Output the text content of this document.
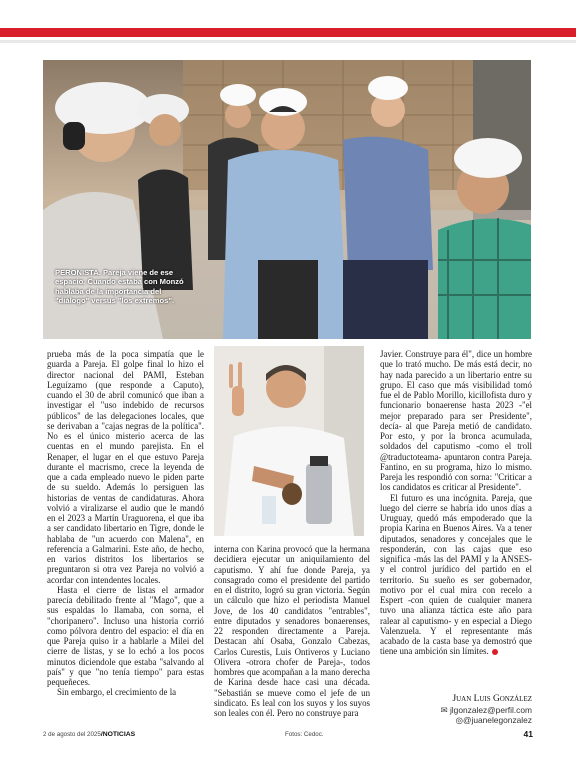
PERONISTA. Pareja viene de ese espacio. Cuando estaba con Monzó hablaba de la importancia del "diálogo" versus "los extremos".

prueba más de la poca simpatía que le guarda a Pareja. El golpe final lo hizo el director nacional del PAMI, Esteban Leguízamo (que responde a Caputo), cuando el 30 de abril comunicó que iban a investigar el "uso indebido de recursos públicos" de las delegaciones locales, que se derivaban a "cajas negras de la política". No es el único misterio acerca de las cuentas en el mundo parejista. En el Renaper, el lugar en el que estuvo Pareja durante el macrismo, crece la leyenda de que a cada empleado nuevo le piden parte de su sueldo. Además lo persiguen las historias de ventas de candidaturas. Ahora volvió a viralizarse el audio que le mandó en el 2023 a Martín Uraguorena, el que iba a ser candidato libertario en Tigre, donde le hablaba de "un acuerdo con Malena", en referencia a Galmarini. Este año, de hecho, en varios distritos los libertarios se preguntaron si otra vez Pareja no volvió a acordar con intendentes locales.

Hasta el cierre de listas el armador parecía debilitado frente al "Mago", que a sus espaldas lo llamaba, con sorna, el "choripanero". Incluso una historia corrió como pólvora dentro del espacio: el día en que Pareja quiso ir a hablarle a Milei del cierre de listas, y se lo echó a los pocos minutos diciendole que estaba "salvando al país" y que "no tenía tiempo" para estas pequeñeces.

Sin embargo, el crecimiento de la

interna con Karina provocó que la hermana decidiera ejecutar un aniquilamiento del caputismo. Y ahí fue donde Pareja, ya consagrado como el presidente del partido en el distrito, logró su gran victoria. Según un cálculo que hizo el periodista Manuel Jove, de los 40 candidatos "entrables", entre diputados y senadores bonaerenses, 22 responden directamente a Pareja. Destacan ahí Osaba, Gonzalo Cabezas, Carlos Curestis, Luis Ontiveros y Luciano Olivera -otrora chofer de Pareja-, todos hombres que acompañan a la mano derecha de Karina desde hace casi una década. "Sebastián se mueve como el jefe de un sindicato. Es leal con los suyos y los suyos son leales con él. Pero no construye para

Javier. Construye para él", dice un hombre que lo trató mucho. De más está decir, no hay nada parecido a un libertario entre su grupo. El caso que más visibilidad tomó fue el de Pablo Morillo, kicillofista duro y funcionario bonaerense hasta 2023 -"el mejor preparado para ser Presidente", decía- al que Pareja metió de candidato. Por esto, y por la bronca acumulada, soldados del caputismo -como el troll @traductoteama- apuntaron contra Pareja. Fantino, en su programa, hizo lo mismo. Pareja les respondió con sorna: "Criticar a los candidatos es criticar al Presidente".

El futuro es una incógnita. Pareja, que luego del cierre se habría ido unos días a Uruguay, quedó más empoderado que la propia Karina en Buenos Aires. Va a tener diputados, senadores y concejales que le responderán, con las cajas que eso significa -más las del PAMI y la ANSES- y el control jurídico del partido en el territorio. Su sueño es ser gobernador, motivo por el cual mira con recelo a Espert -con quien de cualquier manera tuvo una alianza táctica este año para ralear al caputismo- y en especial a Diego Valenzuela. Y el representante más acabado de la casta base ya demostró que tiene una ambición sin límites.

Juan Luis González
✉ jlgonzalez@perfil.com
◎@juanelegonzalez
2 de agosto del 2025/NOTICIAS	Fotos: Cedoc.	41
